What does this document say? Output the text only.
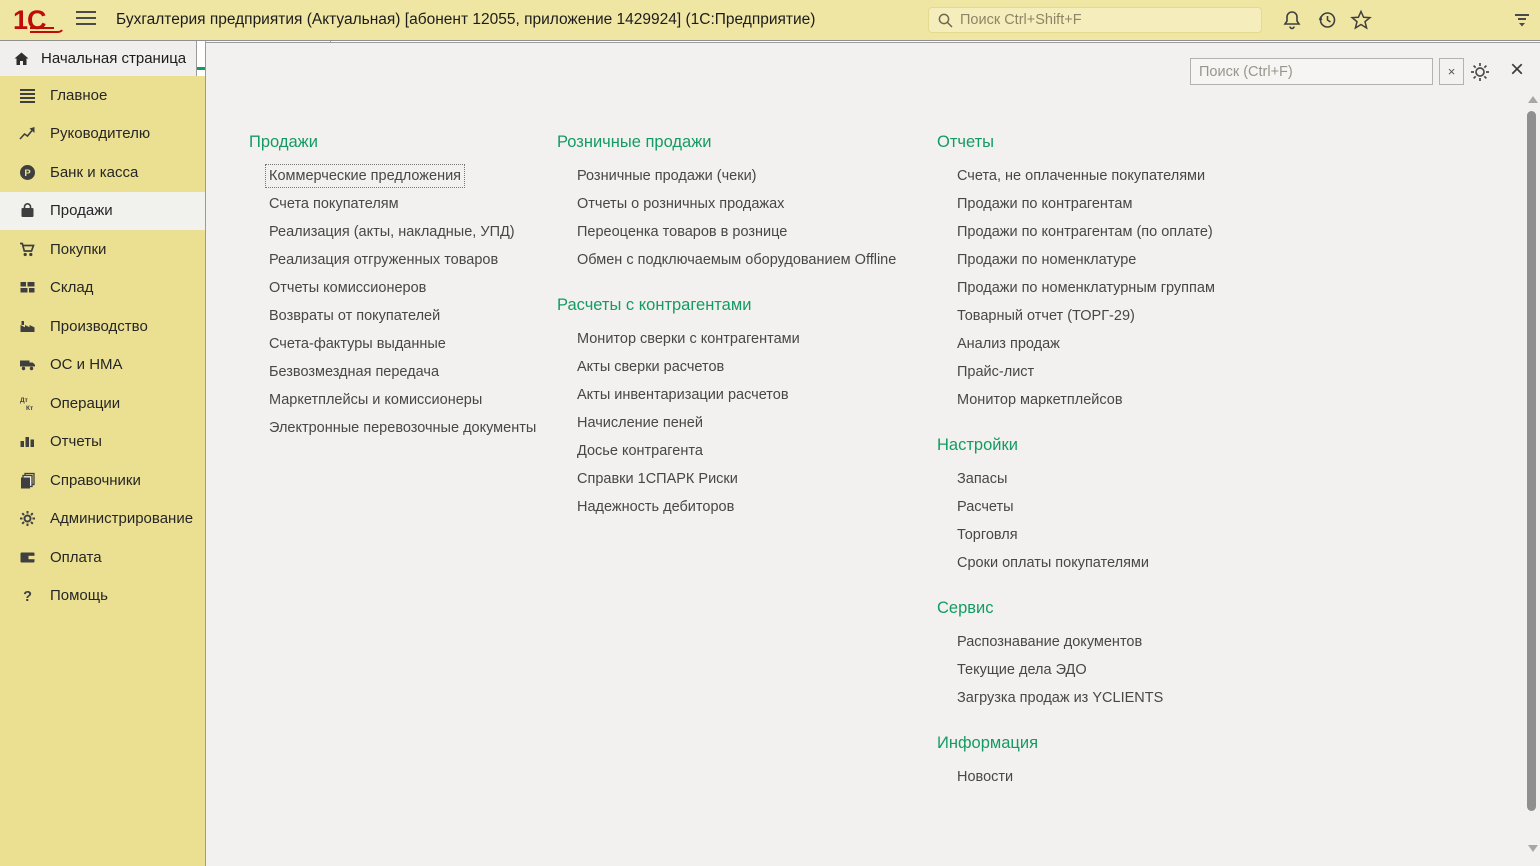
1С	Бухгалтерия предприятия (Актуальная) [абонент 12055, приложение 1429924] (1С:Предприятие)
Поиск Ctrl+Shift+F
Начальная страница
Главное
Руководителю
Р Банк и касса
Продажи
Покупки
Склад
Производство
ОС и НМА
Дт
Кт Операции
Отчеты
Справочники
Администрирование
Оплата
? Помощь
Поиск (Ctrl+F)
×	×
Продажи
Коммерческие предложения
Счета покупателям
Реализация (акты, накладные, УПД)
Реализация отгруженных товаров
Отчеты комиссионеров
Возвраты от покупателей
Счета-фактуры выданные
Безвозмездная передача
Маркетплейсы и комиссионеры
Электронные перевозочные документы
Розничные продажи
Розничные продажи (чеки)
Отчеты о розничных продажах
Переоценка товаров в рознице
Обмен с подключаемым оборудованием Offline
Расчеты с контрагентами
Монитор сверки с контрагентами
Акты сверки расчетов
Акты инвентаризации расчетов
Начисление пеней
Досье контрагента
Справки 1СПАРК Риски
Надежность дебиторов
Отчеты
Счета, не оплаченные покупателями
Продажи по контрагентам
Продажи по контрагентам (по оплате)
Продажи по номенклатуре
Продажи по номенклатурным группам
Товарный отчет (ТОРГ-29)
Анализ продаж
Прайс-лист
Монитор маркетплейсов
Настройки
Запасы
Расчеты
Торговля
Сроки оплаты покупателями
Сервис
Распознавание документов
Текущие дела ЭДО
Загрузка продаж из YCLIENTS
Информация
Новости
